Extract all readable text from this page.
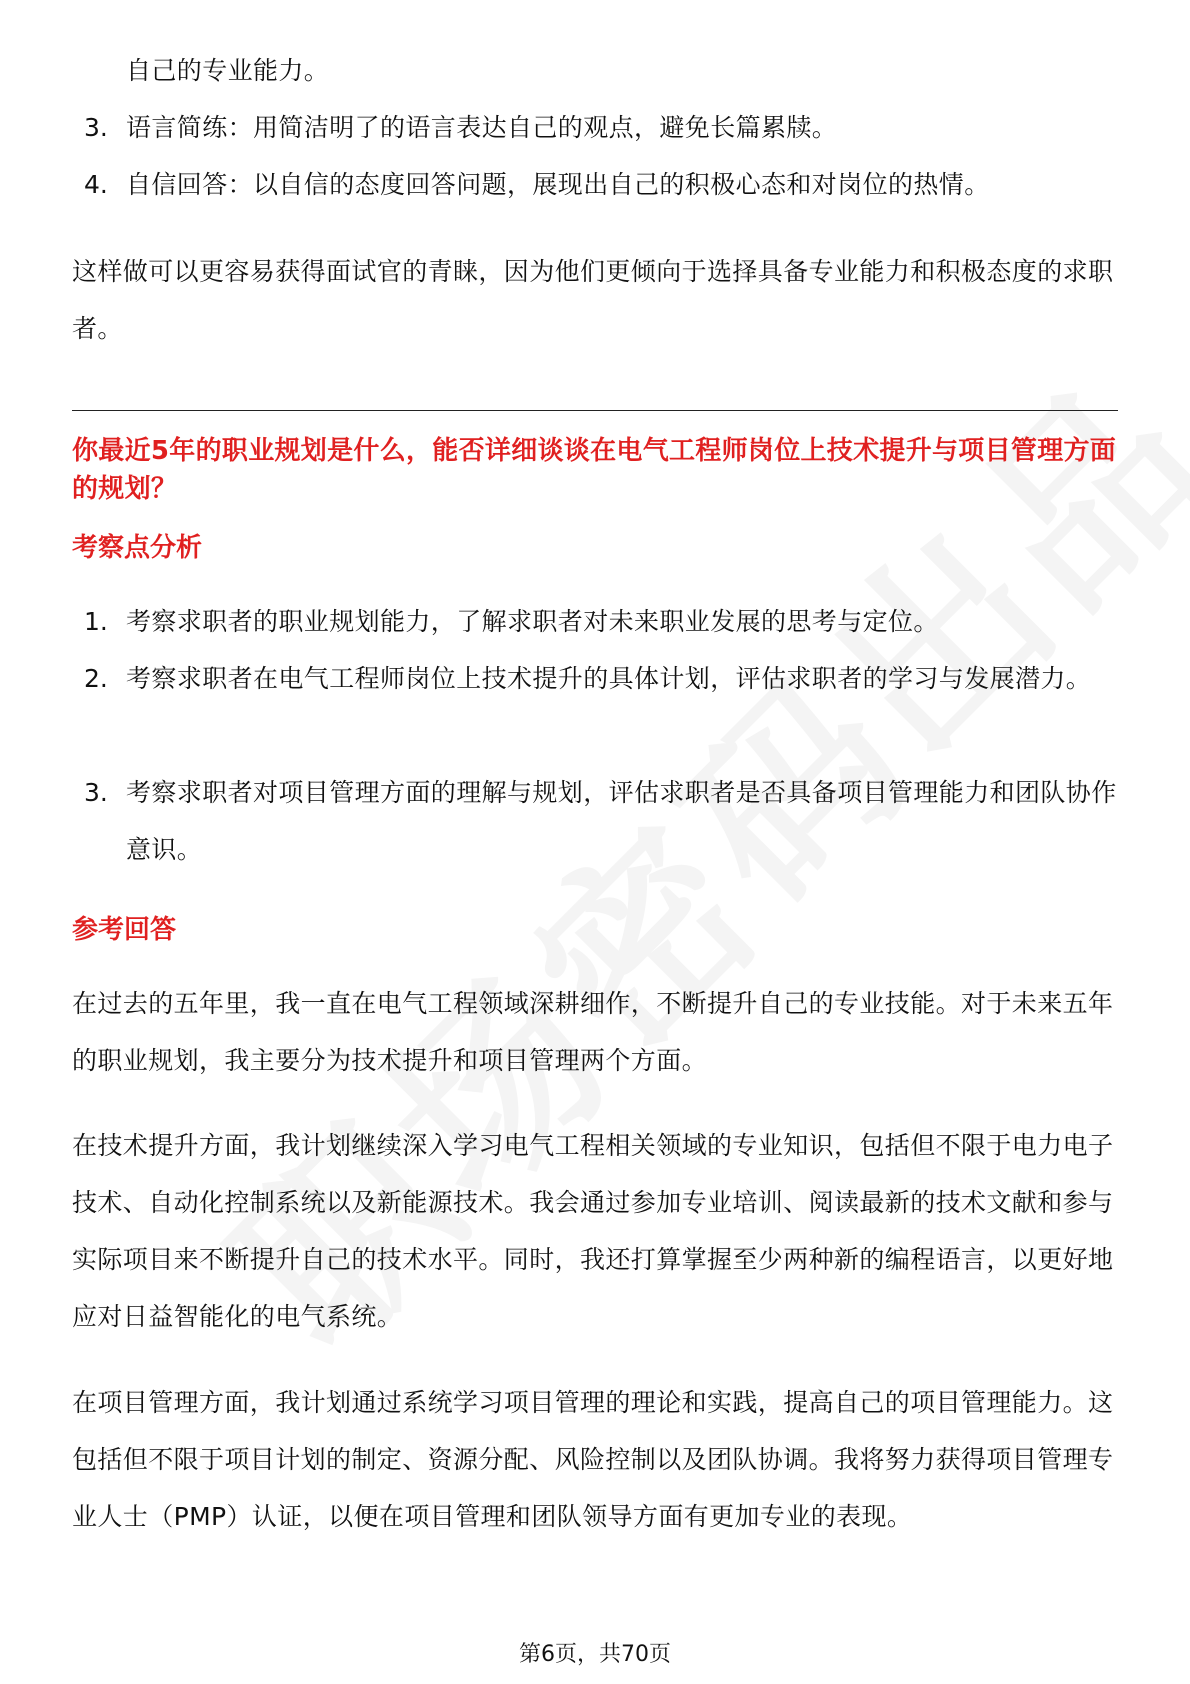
自己的专业能力。
3. 语言简练：用简洁明了的语言表达自己的观点，避免长篇累牍。
4. 自信回答：以自信的态度回答问题，展现出自己的积极心态和对岗位的热情。
这样做可以更容易获得面试官的青睐，因为他们更倾向于选择具备专业能力和积极态度的求职者。
你最近5年的职业规划是什么，能否详细谈谈在电气工程师岗位上技术提升与项目管理方面的规划？
考察点分析
1. 考察求职者的职业规划能力，了解求职者对未来职业发展的思考与定位。
2. 考察求职者在电气工程师岗位上技术提升的具体计划，评估求职者的学习与发展潜力。
3. 考察求职者对项目管理方面的理解与规划，评估求职者是否具备项目管理能力和团队协作意识。
参考回答
在过去的五年里，我一直在电气工程领域深耕细作，不断提升自己的专业技能。对于未来五年的职业规划，我主要分为技术提升和项目管理两个方面。
在技术提升方面，我计划继续深入学习电气工程相关领域的专业知识，包括但不限于电力电子技术、自动化控制系统以及新能源技术。我会通过参加专业培训、阅读最新的技术文献和参与实际项目来不断提升自己的技术水平。同时，我还打算掌握至少两种新的编程语言，以更好地应对日益智能化的电气系统。
在项目管理方面，我计划通过系统学习项目管理的理论和实践，提高自己的项目管理能力。这包括但不限于项目计划的制定、资源分配、风险控制以及团队协调。我将努力获得项目管理专业人士（PMP）认证，以便在项目管理和团队领导方面有更加专业的表现。
第6页，共70页
